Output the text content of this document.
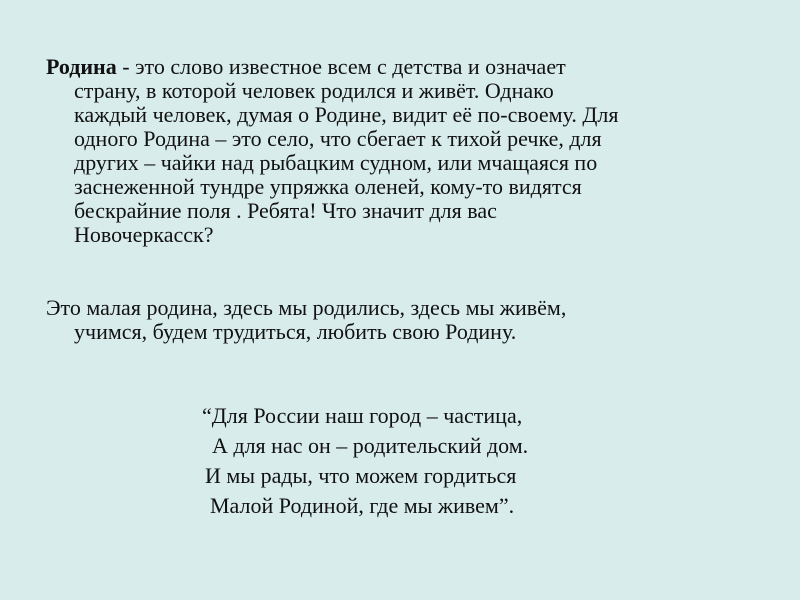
Родина - это слово известное всем с детства и означает
страну, в которой человек родился и живёт. Однако
каждый человек, думая о Родине, видит её по-своему. Для
одного Родина – это село, что сбегает к тихой речке, для
других – чайки над рыбацким судном, или мчащаяся по
заснеженной тундре упряжка оленей, кому-то видятся
бескрайние поля . Ребята! Что значит для вас
Новочеркасск?

Это малая родина, здесь мы родились, здесь мы живём,
учимся, будем трудиться, любить свою Родину.

“Для России наш город – частица,
А для нас он – родительский дом.
И мы рады, что можем гордиться
Малой Родиной, где мы живем”.
